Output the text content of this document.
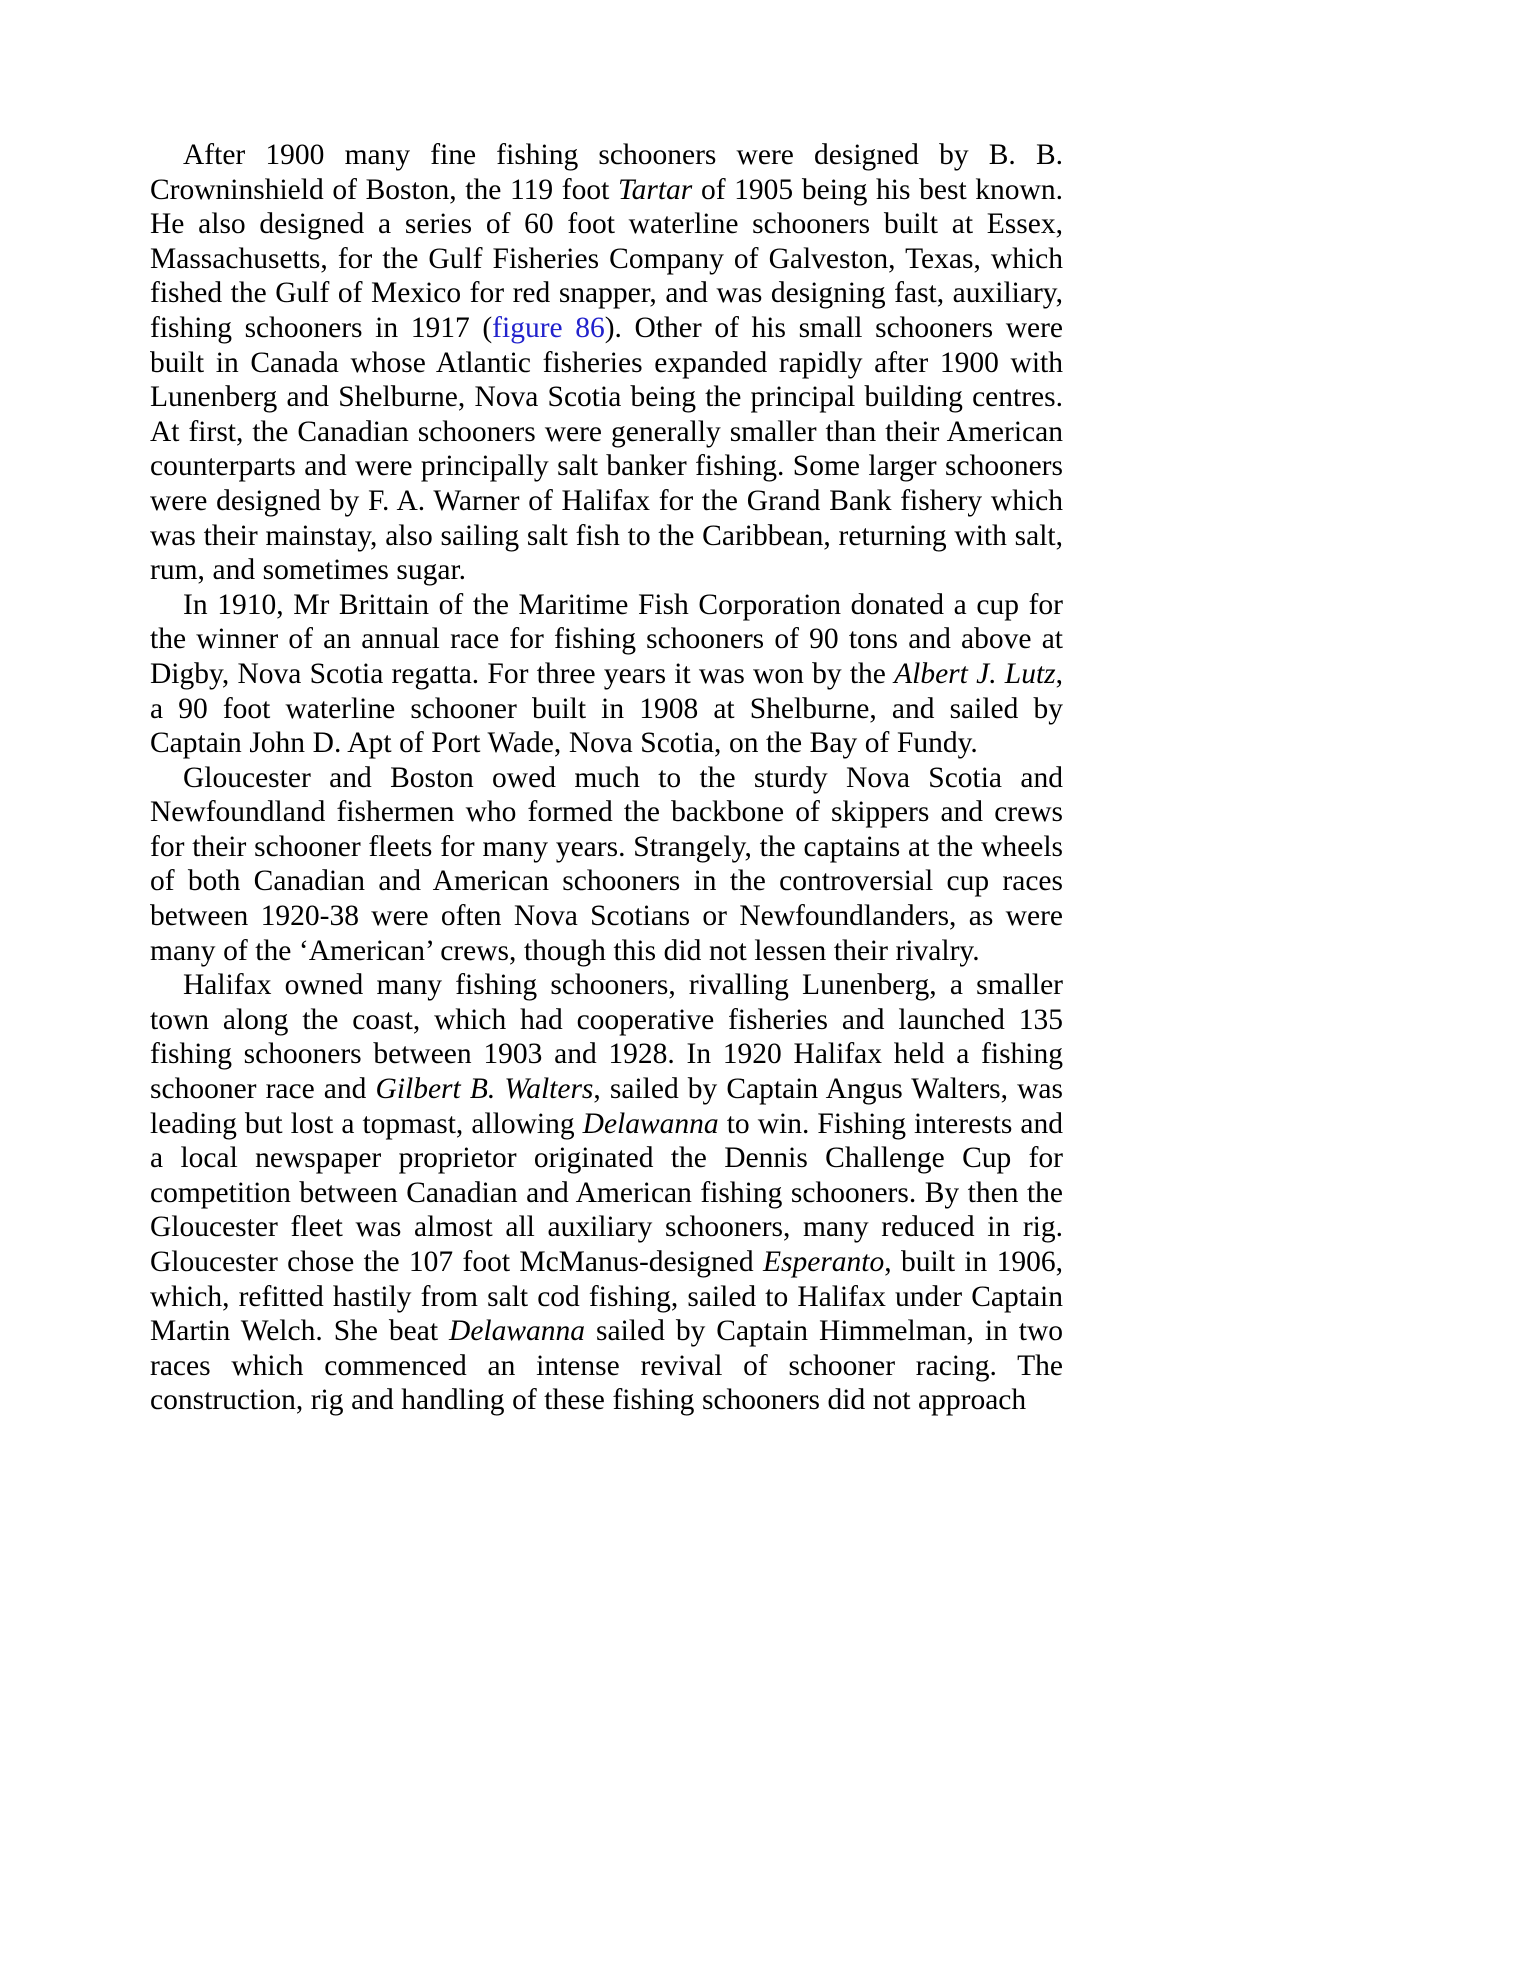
After 1900 many fine fishing schooners were designed by B. B. Crowninshield of Boston, the 119 foot Tartar of 1905 being his best known. He also designed a series of 60 foot waterline schooners built at Essex, Massachusetts, for the Gulf Fisheries Company of Galveston, Texas, which fished the Gulf of Mexico for red snapper, and was designing fast, auxiliary, fishing schooners in 1917 (figure 86). Other of his small schooners were built in Canada whose Atlantic fisheries expanded rapidly after 1900 with Lunenberg and Shelburne, Nova Scotia being the principal building centres. At first, the Canadian schooners were generally smaller than their American counterparts and were principally salt banker fishing. Some larger schooners were designed by F. A. Warner of Halifax for the Grand Bank fishery which was their mainstay, also sailing salt fish to the Caribbean, returning with salt, rum, and sometimes sugar.

In 1910, Mr Brittain of the Maritime Fish Corporation donated a cup for the winner of an annual race for fishing schooners of 90 tons and above at Digby, Nova Scotia regatta. For three years it was won by the Albert J. Lutz, a 90 foot waterline schooner built in 1908 at Shelburne, and sailed by Captain John D. Apt of Port Wade, Nova Scotia, on the Bay of Fundy.

Gloucester and Boston owed much to the sturdy Nova Scotia and Newfoundland fishermen who formed the backbone of skippers and crews for their schooner fleets for many years. Strangely, the captains at the wheels of both Canadian and American schooners in the controversial cup races between 1920-38 were often Nova Scotians or Newfoundlanders, as were many of the ‘American’ crews, though this did not lessen their rivalry.

Halifax owned many fishing schooners, rivalling Lunenberg, a smaller town along the coast, which had cooperative fisheries and launched 135 fishing schooners between 1903 and 1928. In 1920 Halifax held a fishing schooner race and Gilbert B. Walters, sailed by Captain Angus Walters, was leading but lost a topmast, allowing Delawanna to win. Fishing interests and a local newspaper proprietor originated the Dennis Challenge Cup for competition between Canadian and American fishing schooners. By then the Gloucester fleet was almost all auxiliary schooners, many reduced in rig. Gloucester chose the 107 foot McManus-designed Esperanto, built in 1906, which, refitted hastily from salt cod fishing, sailed to Halifax under Captain Martin Welch. She beat Delawanna sailed by Captain Himmelman, in two races which commenced an intense revival of schooner racing. The construction, rig and handling of these fishing schooners did not approach
